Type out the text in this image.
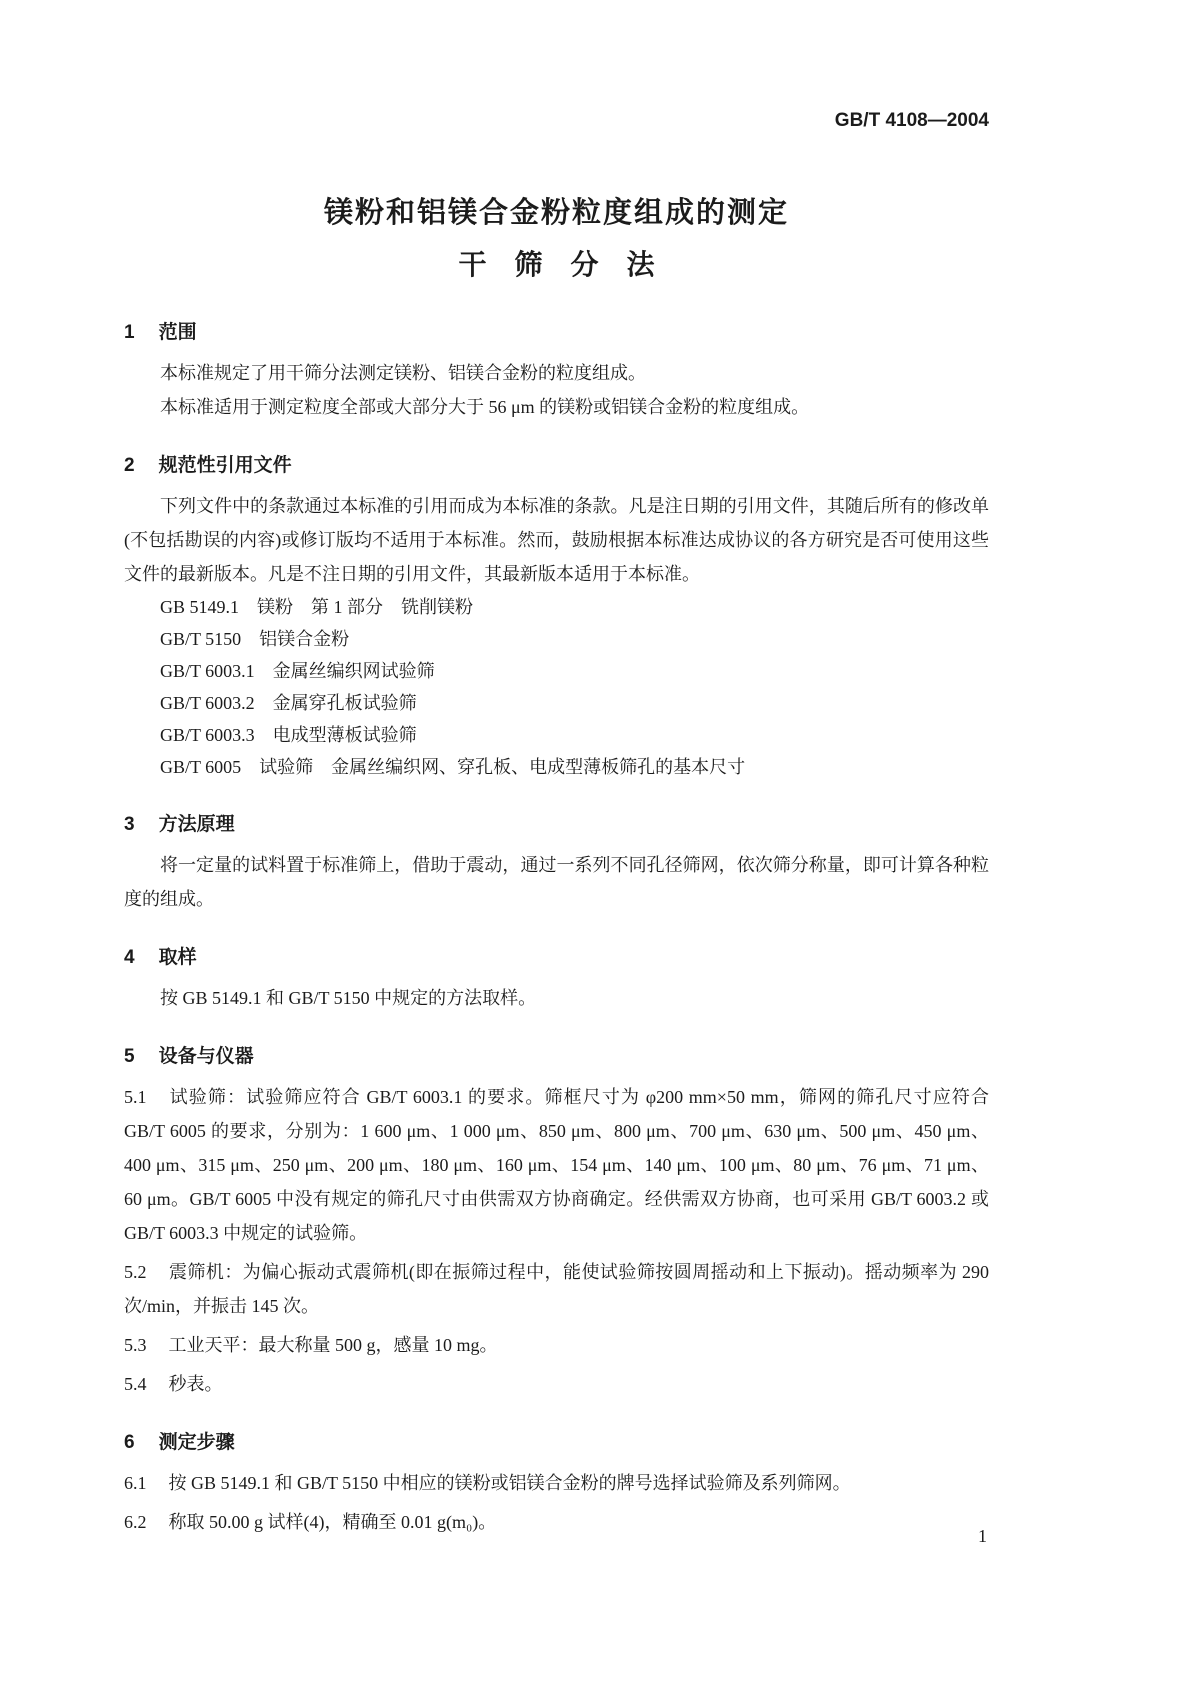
GB/T 4108—2004
镁粉和铝镁合金粉粒度组成的测定
干　筛　分　法
1 范围

本标准规定了用干筛分法测定镁粉、铝镁合金粉的粒度组成。

本标准适用于测定粒度全部或大部分大于 56 μm 的镁粉或铝镁合金粉的粒度组成。

2 规范性引用文件

下列文件中的条款通过本标准的引用而成为本标准的条款。凡是注日期的引用文件，其随后所有的修改单(不包括勘误的内容)或修订版均不适用于本标准。然而，鼓励根据本标准达成协议的各方研究是否可使用这些文件的最新版本。凡是不注日期的引用文件，其最新版本适用于本标准。

GB 5149.1　镁粉　第 1 部分　铣削镁粉
GB/T 5150　铝镁合金粉
GB/T 6003.1　金属丝编织网试验筛
GB/T 6003.2　金属穿孔板试验筛
GB/T 6003.3　电成型薄板试验筛
GB/T 6005　试验筛　金属丝编织网、穿孔板、电成型薄板筛孔的基本尺寸
3 方法原理

将一定量的试料置于标准筛上，借助于震动，通过一系列不同孔径筛网，依次筛分称量，即可计算各种粒度的组成。

4 取样

按 GB 5149.1 和 GB/T 5150 中规定的方法取样。

5 设备与仪器

5.1 试验筛：试验筛应符合 GB/T 6003.1 的要求。筛框尺寸为 φ200 mm×50 mm，筛网的筛孔尺寸应符合 GB/T 6005 的要求，分别为：1 600 μm、1 000 μm、850 μm、800 μm、700 μm、630 μm、500 μm、450 μm、400 μm、315 μm、250 μm、200 μm、180 μm、160 μm、154 μm、140 μm、100 μm、80 μm、76 μm、71 μm、60 μm。GB/T 6005 中没有规定的筛孔尺寸由供需双方协商确定。经供需双方协商，也可采用 GB/T 6003.2 或 GB/T 6003.3 中规定的试验筛。

5.2 震筛机：为偏心振动式震筛机(即在振筛过程中，能使试验筛按圆周摇动和上下振动)。摇动频率为 290 次/min，并振击 145 次。

5.3 工业天平：最大称量 500 g，感量 10 mg。

5.4 秒表。

6 测定步骤

6.1 按 GB 5149.1 和 GB/T 5150 中相应的镁粉或铝镁合金粉的牌号选择试验筛及系列筛网。

6.2 称取 50.00 g 试样(4)，精确至 0.01 g(m₀)。

1
